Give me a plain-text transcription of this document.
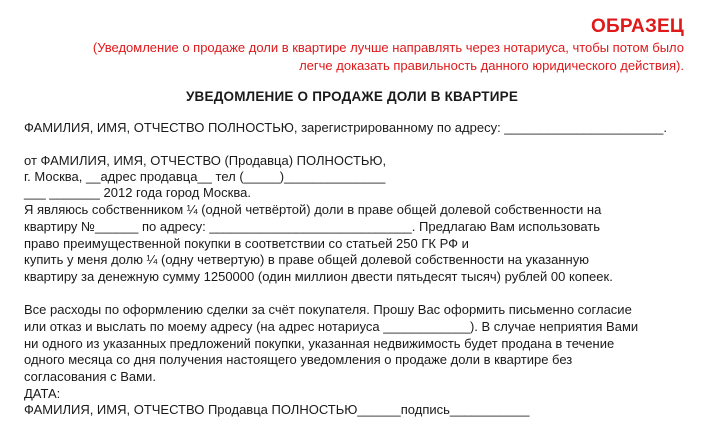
ОБРАЗЕЦ
(Уведомление о продаже доли в квартире лучше направлять через нотариуса, чтобы потом было
легче доказать правильность данного юридического действия).
УВЕДОМЛЕНИЕ О ПРОДАЖЕ ДОЛИ В КВАРТИРЕ
ФАМИЛИЯ, ИМЯ, ОТЧЕСТВО ПОЛНОСТЬЮ, зарегистрированному по адресу: ______________________.
от ФАМИЛИЯ, ИМЯ, ОТЧЕСТВО (Продавца) ПОЛНОСТЬЮ,
г. Москва, __адрес продавца__ тел (_____)______________
___ _______ 2012 года город Москва.
Я являюсь собственником ¼ (одной четвёртой) доли в праве общей долевой собственности на
квартиру №______ по адресу: ____________________________. Предлагаю Вам использовать
право преимущественной покупки в соответствии со статьей 250 ГК РФ и
купить у меня долю ¼ (одну четвертую) в праве общей долевой собственности на указанную
квартиру за денежную сумму 1250000 (один миллион двести пятьдесят тысяч) рублей 00 копеек.
Все расходы по оформлению сделки за счёт покупателя. Прошу Вас оформить письменно согласие
или отказ и выслать по моему адресу (на адрес нотариуса ____________). В случае неприятия Вами
ни одного из указанных предложений покупки, указанная недвижимость будет продана в течение
одного месяца со дня получения настоящего уведомления о продаже доли в квартире без
согласования с Вами.
ДАТА:
ФАМИЛИЯ, ИМЯ, ОТЧЕСТВО Продавца ПОЛНОСТЬЮ______подпись___________
